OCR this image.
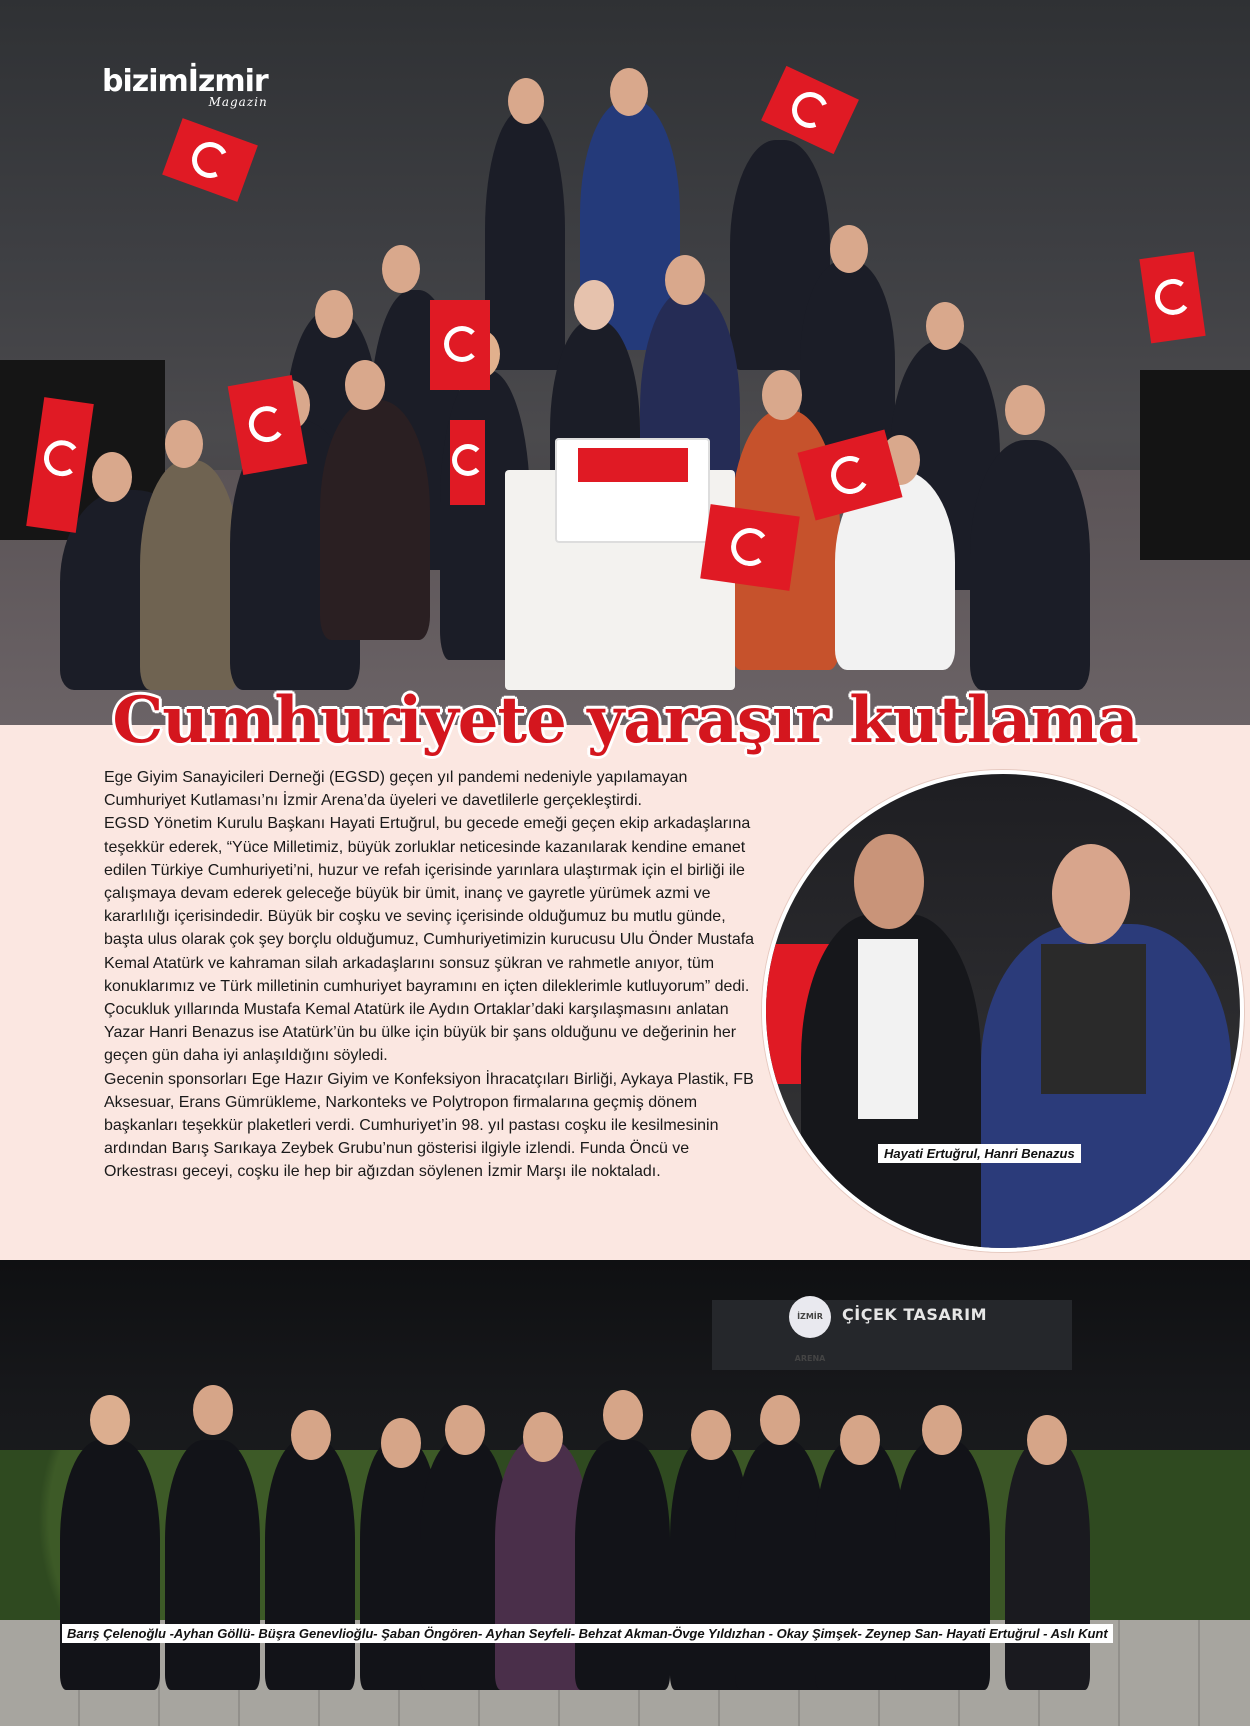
bizimİzmir
Magazin
Cumhuriyete yaraşır kutlama

Ege Giyim Sanayicileri Derneği (EGSD) geçen yıl pandemi nedeniyle yapılamayan Cumhuriyet Kutlaması’nı İzmir Arena’da üyeleri ve davetlilerle gerçekleştirdi.

EGSD Yönetim Kurulu Başkanı Hayati Ertuğrul, bu gecede emeği geçen ekip arkadaşlarına teşekkür ederek, “Yüce Milletimiz, büyük zorluklar neticesinde kazanılarak kendine emanet edilen Türkiye Cumhuriyeti’ni, huzur ve refah içerisinde yarınlara ulaştırmak için el birliği ile çalışmaya devam ederek geleceğe büyük bir ümit, inanç ve gayretle yürümek azmi ve kararlılığı içerisindedir. Büyük bir coşku ve sevinç içerisinde olduğumuz bu mutlu günde, başta ulus olarak çok şey borçlu olduğumuz, Cumhuriyetimizin kurucusu Ulu Önder Mustafa Kemal Atatürk ve kahraman silah arkadaşlarını sonsuz şükran ve rahmetle anıyor, tüm konuklarımız ve Türk milletinin cumhuriyet bayramını en içten dileklerimle kutluyorum” dedi.

Çocukluk yıllarında Mustafa Kemal Atatürk ile Aydın Ortaklar’daki karşılaşmasını anlatan Yazar Hanri Benazus ise Atatürk’ün bu ülke için büyük bir şans olduğunu ve değerinin her geçen gün daha iyi anlaşıldığını söyledi.

Gecenin sponsorları Ege Hazır Giyim ve Konfeksiyon İhracatçıları Birliği, Aykaya Plastik, FB Aksesuar, Erans Gümrükleme, Narkonteks ve Polytropon firmalarına geçmiş dönem başkanları teşekkür plaketleri verdi. Cumhuriyet’in 98. yıl pastası coşku ile kesilmesinin ardından Barış Sarıkaya Zeybek Grubu’nun gösterisi ilgiyle izlendi. Funda Öncü ve Orkestrası geceyi, coşku ile hep bir ağızdan söylenen İzmir Marşı ile noktaladı.

Hayati Ertuğrul, Hanri Benazus
İZMİR ARENA
ÇİÇEK TASARIM
Barış Çelenoğlu -Ayhan Göllü- Büşra Genevlioğlu- Şaban Öngören- Ayhan Seyfeli- Behzat Akman-Övge Yıldızhan - Okay Şimşek- Zeynep San- Hayati Ertuğrul - Aslı Kunt
